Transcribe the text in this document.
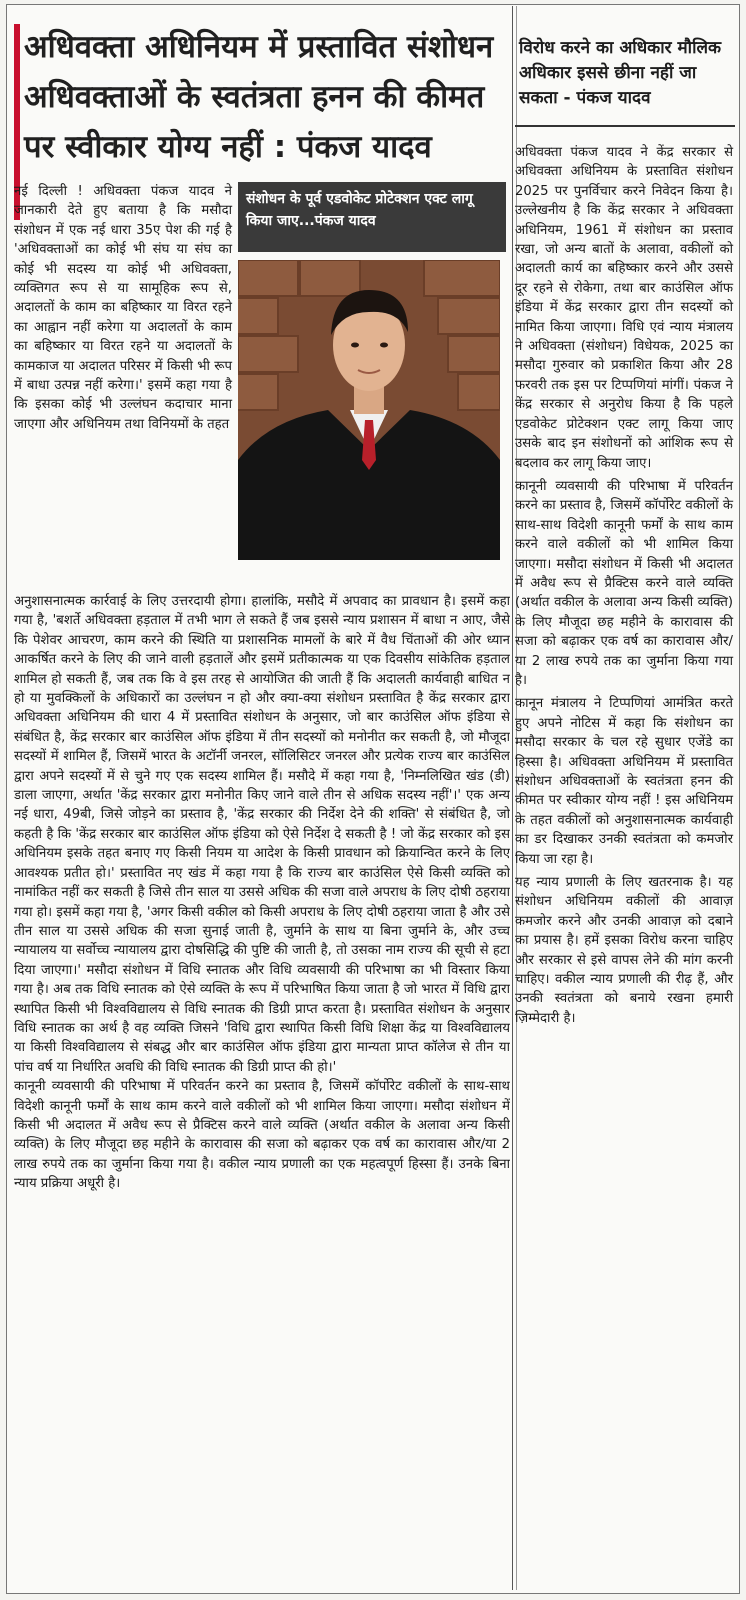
अधिवक्ता अधिनियम में प्रस्तावित संशोधन अधिवक्ताओं के स्वतंत्रता हनन की कीमत पर स्वीकार योग्य नहीं : पंकज यादव
नई दिल्ली ! अधिवक्ता पंकज यादव ने जानकारी देते हुए बताया है कि मसौदा संशोधन में एक नई धारा 35ए पेश की गई है 'अधिवक्ताओं का कोई भी संघ या संघ का कोई भी सदस्य या कोई भी अधिवक्ता, व्यक्तिगत रूप से या सामूहिक रूप से, अदालतों के काम का बहिष्कार या विरत रहने का आह्वान नहीं करेगा या अदालतों के काम का बहिष्कार या विरत रहने या अदालतों के कामकाज या अदालत परिसर में किसी भी रूप में बाधा उत्पन्न नहीं करेगा।' इसमें कहा गया है कि इसका कोई भी उल्लंघन कदाचार माना जाएगा और अधिनियम तथा विनियमों के तहत
संशोधन के पूर्व एडवोकेट प्रोटेक्शन एक्ट लागू किया जाए...पंकज यादव

अनुशासनात्मक कार्रवाई के लिए उत्तरदायी होगा। हालांकि, मसौदे में अपवाद का प्रावधान है। इसमें कहा गया है, 'बशर्ते अधिवक्ता हड़ताल में तभी भाग ले सकते हैं जब इससे न्याय प्रशासन में बाधा न आए, जैसे कि पेशेवर आचरण, काम करने की स्थिति या प्रशासनिक मामलों के बारे में वैध चिंताओं की ओर ध्यान आकर्षित करने के लिए की जाने वाली हड़तालें और इसमें प्रतीकात्मक या एक दिवसीय सांकेतिक हड़ताल शामिल हो सकती हैं, जब तक कि वे इस तरह से आयोजित की जाती हैं कि अदालती कार्यवाही बाधित न हो या मुवक्किलों के अधिकारों का उल्लंघन न हो और क्या-क्या संशोधन प्रस्तावित है केंद्र सरकार द्वारा अधिवक्ता अधिनियम की धारा 4 में प्रस्तावित संशोधन के अनुसार, जो बार काउंसिल ऑफ इंडिया से संबंधित है, केंद्र सरकार बार काउंसिल ऑफ इंडिया में तीन सदस्यों को मनोनीत कर सकती है, जो मौजूदा सदस्यों में शामिल हैं, जिसमें भारत के अटॉर्नी जनरल, सॉलिसिटर जनरल और प्रत्येक राज्य बार काउंसिल द्वारा अपने सदस्यों में से चुने गए एक सदस्य शामिल हैं। मसौदे में कहा गया है, 'निम्नलिखित खंड (डी) डाला जाएगा, अर्थात 'केंद्र सरकार द्वारा मनोनीत किए जाने वाले तीन से अधिक सदस्य नहीं'।' एक अन्य नई धारा, 49बी, जिसे जोड़ने का प्रस्ताव है, 'केंद्र सरकार की निर्देश देने की शक्ति' से संबंधित है, जो कहती है कि 'केंद्र सरकार बार काउंसिल ऑफ इंडिया को ऐसे निर्देश दे सकती है ! जो केंद्र सरकार को इस अधिनियम इसके तहत बनाए गए किसी नियम या आदेश के किसी प्रावधान को क्रियान्वित करने के लिए आवश्यक प्रतीत हो।' प्रस्तावित नए खंड में कहा गया है कि राज्य बार काउंसिल ऐसे किसी व्यक्ति को नामांकित नहीं कर सकती है जिसे तीन साल या उससे अधिक की सजा वाले अपराध के लिए दोषी ठहराया गया हो। इसमें कहा गया है, 'अगर किसी वकील को किसी अपराध के लिए दोषी ठहराया जाता है और उसे तीन साल या उससे अधिक की सजा सुनाई जाती है, जुर्माने के साथ या बिना जुर्माने के, और उच्च न्यायालय या सर्वोच्च न्यायालय द्वारा दोषसिद्धि की पुष्टि की जाती है, तो उसका नाम राज्य की सूची से हटा दिया जाएगा।' मसौदा संशोधन में विधि स्नातक और विधि व्यवसायी की परिभाषा का भी विस्तार किया गया है। अब तक विधि स्नातक को ऐसे व्यक्ति के रूप में परिभाषित किया जाता है जो भारत में विधि द्वारा स्थापित किसी भी विश्वविद्यालय से विधि स्नातक की डिग्री प्राप्त करता है। प्रस्तावित संशोधन के अनुसार विधि स्नातक का अर्थ है वह व्यक्ति जिसने 'विधि द्वारा स्थापित किसी विधि शिक्षा केंद्र या विश्वविद्यालय या किसी विश्वविद्यालय से संबद्ध और बार काउंसिल ऑफ इंडिया द्वारा मान्यता प्राप्त कॉलेज से तीन या पांच वर्ष या निर्धारित अवधि की विधि स्नातक की डिग्री प्राप्त की हो।'

कानूनी व्यवसायी की परिभाषा में परिवर्तन करने का प्रस्ताव है, जिसमें कॉर्पोरेट वकीलों के साथ-साथ विदेशी कानूनी फर्मों के साथ काम करने वाले वकीलों को भी शामिल किया जाएगा। मसौदा संशोधन में किसी भी अदालत में अवैध रूप से प्रैक्टिस करने वाले व्यक्ति (अर्थात वकील के अलावा अन्य किसी व्यक्ति) के लिए मौजूदा छह महीने के कारावास की सजा को बढ़ाकर एक वर्ष का कारावास और/या 2 लाख रुपये तक का जुर्माना किया गया है। वकील न्याय प्रणाली का एक महत्वपूर्ण हिस्सा हैं। उनके बिना न्याय प्रक्रिया अधूरी है।

विरोध करने का अधिकार मौलिक अधिकार इससे छीना नहीं जा सकता - पंकज यादव

अधिवक्ता पंकज यादव ने केंद्र सरकार से अधिवक्ता अधिनियम के प्रस्तावित संशोधन 2025 पर पुनर्विचार करने निवेदन किया है। उल्लेखनीय है कि केंद्र सरकार ने अधिवक्ता अधिनियम, 1961 में संशोधन का प्रस्ताव रखा, जो अन्य बातों के अलावा, वकीलों को अदालती कार्य का बहिष्कार करने और उससे दूर रहने से रोकेगा, तथा बार काउंसिल ऑफ इंडिया में केंद्र सरकार द्वारा तीन सदस्यों को नामित किया जाएगा। विधि एवं न्याय मंत्रालय ने अधिवक्ता (संशोधन) विधेयक, 2025 का मसौदा गुरुवार को प्रकाशित किया और 28 फरवरी तक इस पर टिप्पणियां मांगीं। पंकज ने केंद्र सरकार से अनुरोध किया है कि पहले एडवोकेट प्रोटेक्शन एक्ट लागू किया जाए उसके बाद इन संशोधनों को आंशिक रूप से बदलाव कर लागू किया जाए।

कानूनी व्यवसायी की परिभाषा में परिवर्तन करने का प्रस्ताव है, जिसमें कॉर्पोरेट वकीलों के साथ-साथ विदेशी कानूनी फर्मों के साथ काम करने वाले वकीलों को भी शामिल किया जाएगा। मसौदा संशोधन में किसी भी अदालत में अवैध रूप से प्रैक्टिस करने वाले व्यक्ति (अर्थात वकील के अलावा अन्य किसी व्यक्ति) के लिए मौजूदा छह महीने के कारावास की सजा को बढ़ाकर एक वर्ष का कारावास और/या 2 लाख रुपये तक का जुर्माना किया गया है।

कानून मंत्रालय ने टिप्पणियां आमंत्रित करते हुए अपने नोटिस में कहा कि संशोधन का मसौदा सरकार के चल रहे सुधार एजेंडे का हिस्सा है। अधिवक्ता अधिनियम में प्रस्तावित संशोधन अधिवक्ताओं के स्वतंत्रता हनन की कीमत पर स्वीकार योग्य नहीं ! इस अधिनियम के तहत वकीलों को अनुशासनात्मक कार्यवाही का डर दिखाकर उनकी स्वतंत्रता को कमजोर किया जा रहा है।

यह न्याय प्रणाली के लिए खतरनाक है। यह संशोधन अधिनियम वकीलों की आवाज़ कमजोर करने और उनकी आवाज़ को दबाने का प्रयास है। हमें इसका विरोध करना चाहिए और सरकार से इसे वापस लेने की मांग करनी चाहिए। वकील न्याय प्रणाली की रीढ़ हैं, और उनकी स्वतंत्रता को बनाये रखना हमारी ज़िम्मेदारी है।
